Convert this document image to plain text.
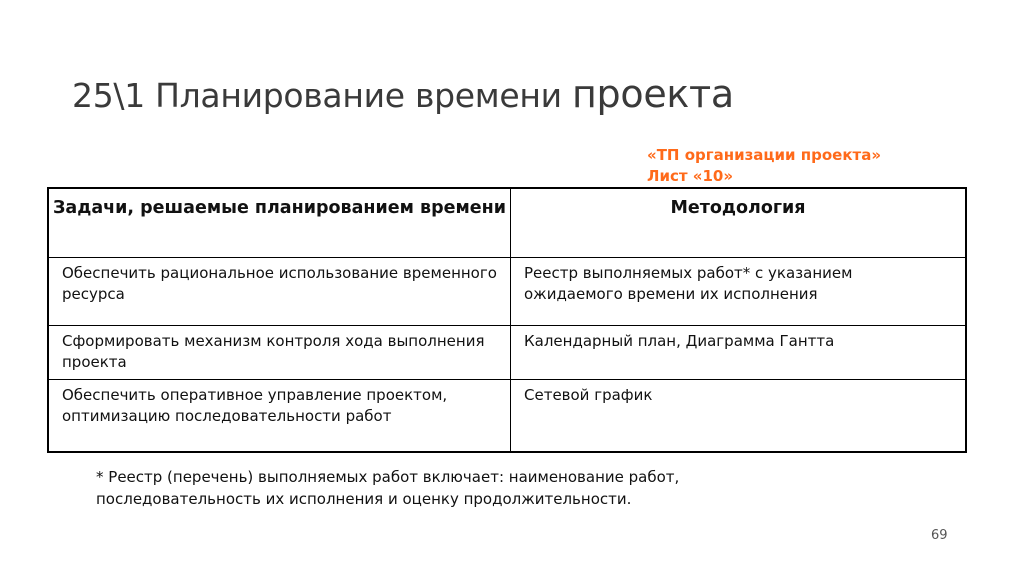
25\1 Планирование времени проекта
«ТП организации проекта»
Лист «10»
Задачи, решаемые планированием времени	Методология
Обеспечить рациональное использование временного ресурса	Реестр выполняемых работ* с указанием ожидаемого времени их исполнения
Сформировать механизм контроля хода выполнения проекта	Календарный план, Диаграмма Гантта
Обеспечить оперативное управление проектом, оптимизацию последовательности работ	Сетевой график
* Реестр (перечень) выполняемых работ включает: наименование работ,
последовательность их исполнения и оценку продолжительности.
69
